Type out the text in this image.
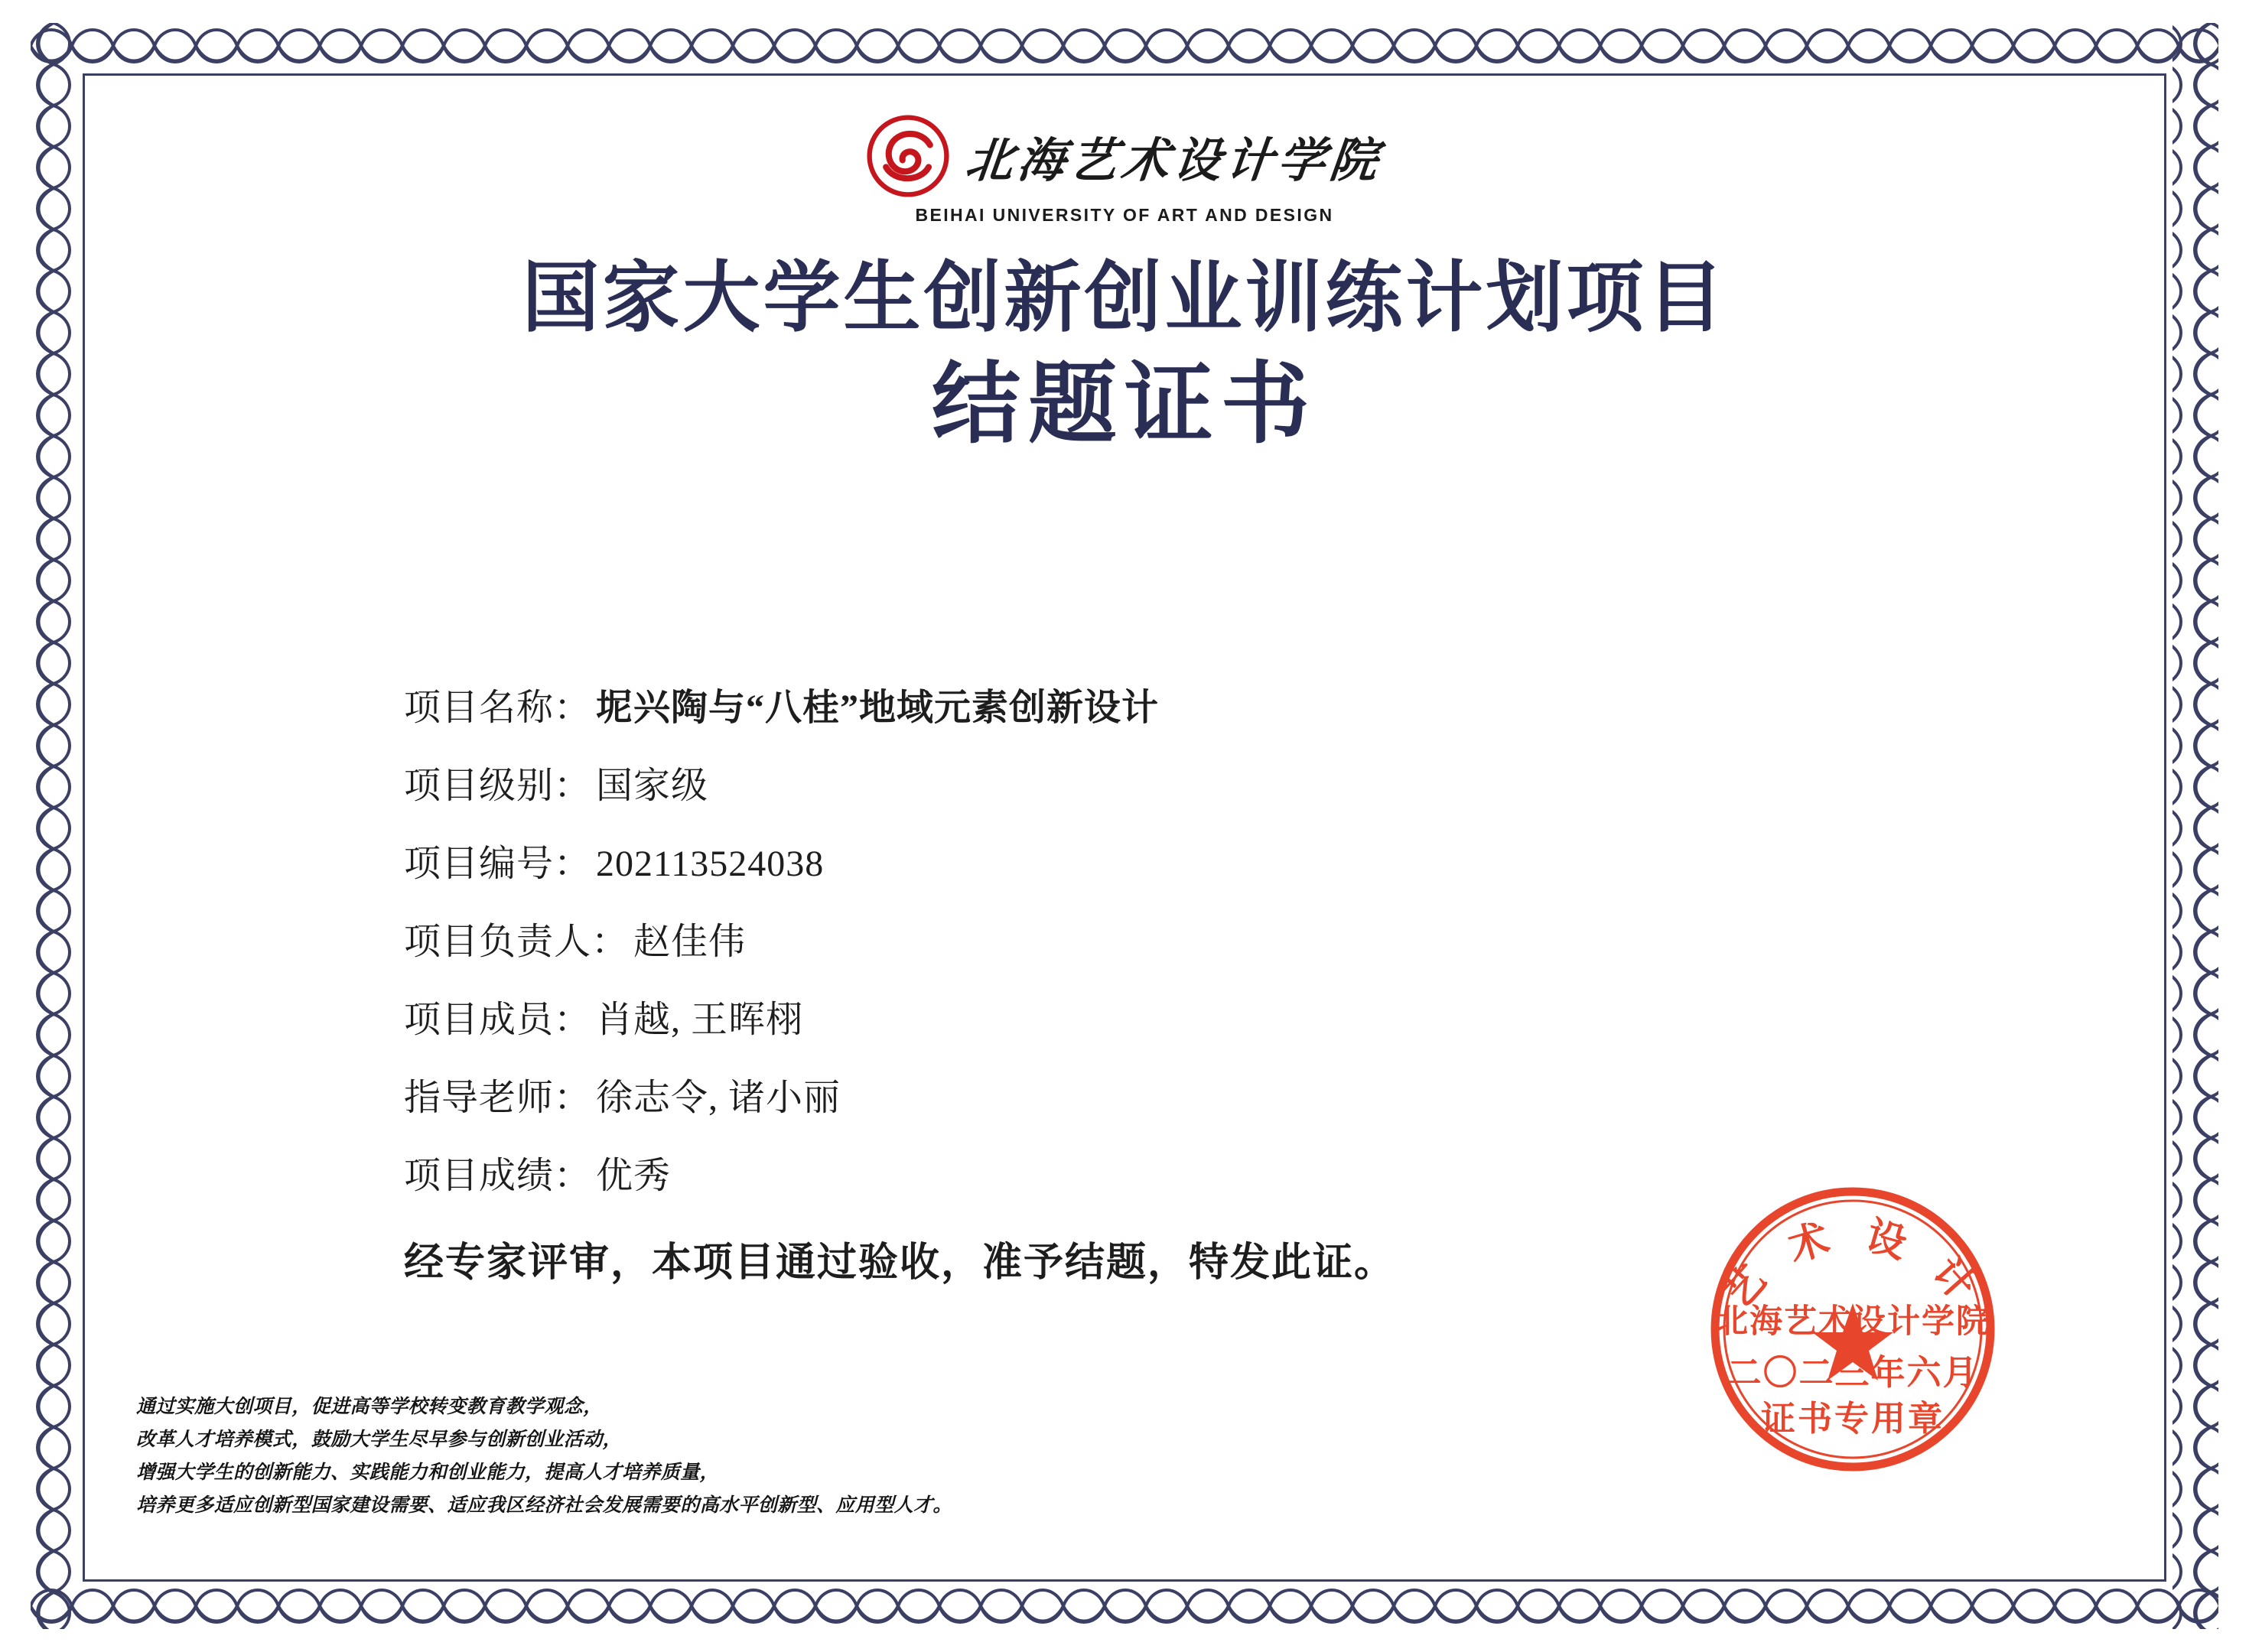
北海艺术设计学院
BEIHAI UNIVERSITY OF ART AND DESIGN
国家大学生创新创业训练计划项目
结题证书
项目名称： 坭兴陶与“八桂”地域元素创新设计
项目级别： 国家级
项目编号： 202113524038
项目负责人： 赵佳伟
项目成员： 肖越, 王晖栩
指导老师： 徐志令, 诸小丽
项目成绩： 优秀
经专家评审，本项目通过验收，准予结题，特发此证。
通过实施大创项目，促进高等学校转变教育教学观念，
改革人才培养模式，鼓励大学生尽早参与创新创业活动，
增强大学生的创新能力、实践能力和创业能力，提高人才培养质量，
培养更多适应创新型国家建设需要、适应我区经济社会发展需要的高水平创新型、应用型人才。
艺 术 设 计
北海艺术设计学院
二〇二三年六月
证书专用章
